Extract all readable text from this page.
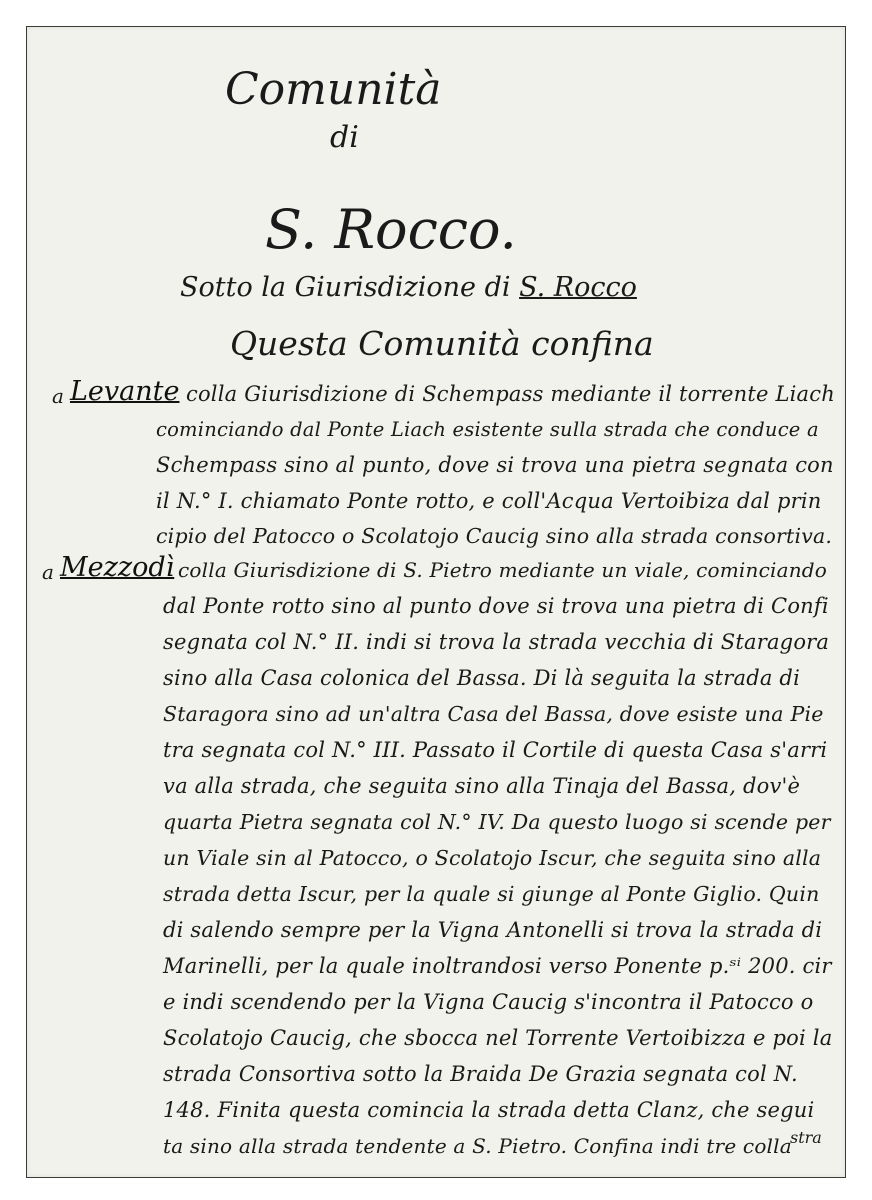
Comunità
di
S. Rocco.
Sotto la Giurisdizione di S. Rocco
Questa Comunità confina
a Levante colla Giurisdizione di Schempass mediante il torrente Liach
cominciando dal Ponte Liach esistente sulla strada che conduce a
Schempass sino al punto, dove si trova una pietra segnata con
il N.° I. chiamato Ponte rotto, e coll'Acqua Vertoibiza dal prin
cipio del Patocco o Scolatojo Caucig sino alla strada consortiva.
a Mezzodì colla Giurisdizione di S. Pietro mediante un viale, cominciando
dal Ponte rotto sino al punto dove si trova una pietra di Confi
segnata col N.° II. indi si trova la strada vecchia di Staragora
sino alla Casa colonica del Bassa. Di là seguita la strada di
Staragora sino ad un'altra Casa del Bassa, dove esiste una Pie
tra segnata col N.° III. Passato il Cortile di questa Casa s'arri
va alla strada, che seguita sino alla Tinaja del Bassa, dov'è
quarta Pietra segnata col N.° IV. Da questo luogo si scende per
un Viale sin al Patocco, o Scolatojo Iscur, che seguita sino alla
strada detta Iscur, per la quale si giunge al Ponte Giglio. Quin
di salendo sempre per la Vigna Antonelli si trova la strada di
Marinelli, per la quale inoltrandosi verso Ponente p.ˢⁱ 200. cir
e indi scendendo per la Vigna Caucig s'incontra il Patocco o
Scolatojo Caucig, che sbocca nel Torrente Vertoibizza e poi la
strada Consortiva sotto la Braida De Grazia segnata col N.
148. Finita questa comincia la strada detta Clanz, che segui
ta sino alla strada tendente a S. Pietro. Confina indi tre colla
stra
